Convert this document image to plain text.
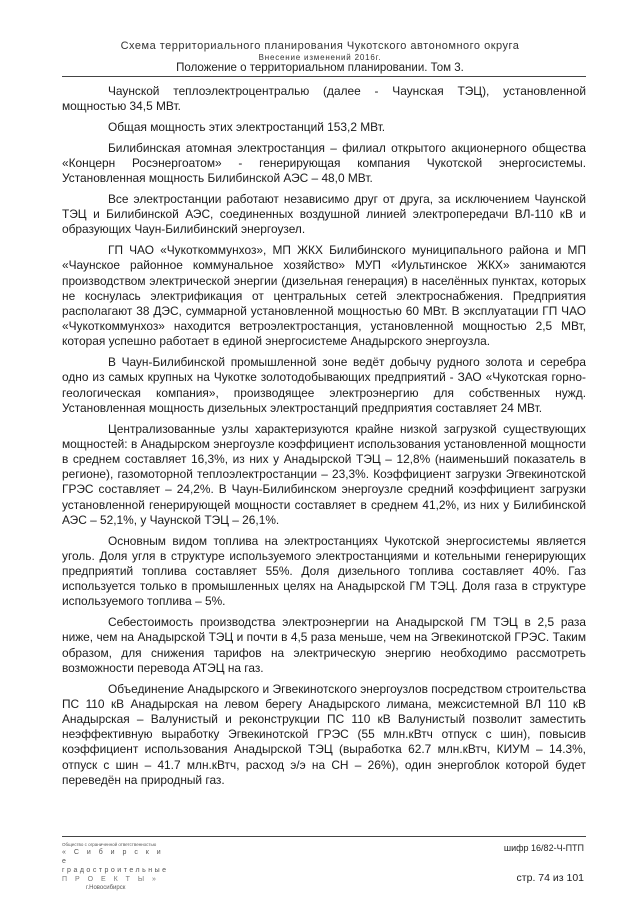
Схема территориального планирования Чукотского автономного округа
Внесение изменений 2016г.
Положение о территориальном планировании. Том 3.

Чаунской теплоэлектроцентралью (далее - Чаунская ТЭЦ), установленной мощностью 34,5 МВт.

Общая мощность этих электростанций 153,2 МВт.

Билибинская атомная электростанция – филиал открытого акционерного общества «Концерн Росэнергоатом» - генерирующая компания Чукотской энергосистемы. Установленная мощность Билибинской АЭС – 48,0 МВт.

Все электростанции работают независимо друг от друга, за исключением Чаунской ТЭЦ и Билибинской АЭС, соединенных воздушной линией электропередачи ВЛ-110 кВ и образующих Чаун-Билибинский энергоузел.

ГП ЧАО «Чукоткоммунхоз», МП ЖКХ Билибинского муниципального района и МП «Чаунское районное коммунальное хозяйство» МУП «Иультинское ЖКХ» занимаются производством электрической энергии (дизельная генерация) в населённых пунктах, которых не коснулась электрификация от центральных сетей электроснабжения. Предприятия располагают 38 ДЭС, суммарной установленной мощностью 60 МВт. В эксплуатации ГП ЧАО «Чукоткоммунхоз» находится ветроэлектростанция, установленной мощностью 2,5 МВт, которая успешно работает в единой энергосистеме Анадырского энергоузла.

В Чаун-Билибинской промышленной зоне ведёт добычу рудного золота и серебра одно из самых крупных на Чукотке золотодобывающих предприятий - ЗАО «Чукотская горно-геологическая компания», производящее электроэнергию для собственных нужд. Установленная мощность дизельных электростанций предприятия составляет 24 МВт.

Централизованные узлы характеризуются крайне низкой загрузкой существующих мощностей: в Анадырском энергоузле коэффициент использования установленной мощности в среднем составляет 16,3%, из них у Анадырской ТЭЦ – 12,8% (наименьший показатель в регионе), газомоторной теплоэлектростанции – 23,3%. Коэффициент загрузки Эгвекинотской ГРЭС составляет – 24,2%. В Чаун-Билибинском энергоузле средний коэффициент загрузки установленной генерирующей мощности составляет в среднем 41,2%, из них у Билибинской АЭС – 52,1%, у Чаунской ТЭЦ – 26,1%.

Основным видом топлива на электростанциях Чукотской энергосистемы является уголь. Доля угля в структуре используемого электростанциями и котельными генерирующих предприятий топлива составляет 55%. Доля дизельного топлива составляет 40%. Газ используется только в промышленных целях на Анадырской ГМ ТЭЦ. Доля газа в структуре используемого топлива – 5%.

Себестоимость производства электроэнергии на Анадырской ГМ ТЭЦ в 2,5 раза ниже, чем на Анадырской ТЭЦ и почти в 4,5 раза меньше, чем на Эгвекинотской ГРЭС. Таким образом, для снижения тарифов на электрическую энергию необходимо рассмотреть возможности перевода АТЭЦ на газ.

Объединение Анадырского и Эгвекинотского энергоузлов посредством строительства ПС 110 кВ Анадырская на левом берегу Анадырского лимана, межсистемной ВЛ 110 кВ Анадырская – Валунистый и реконструкции ПС 110 кВ Валунистый позволит заместить неэффективную выработку Эгвекинотской ГРЭС (55 млн.кВтч отпуск с шин), повысив коэффициент использования Анадырской ТЭЦ (выработка 62.7 млн.кВтч, КИУМ – 14.3%, отпуск с шин – 41.7 млн.кВтч, расход э/э на СН – 26%), один энергоблок которой будет переведён на природный газ.

Общество с ограниченной ответственностью
« С и б и р с к и е
градостроительные
П Р О Е К Т Ы »
г.Новосибирск
шифр 16/82-Ч-ПТП
стр. 74 из 101
